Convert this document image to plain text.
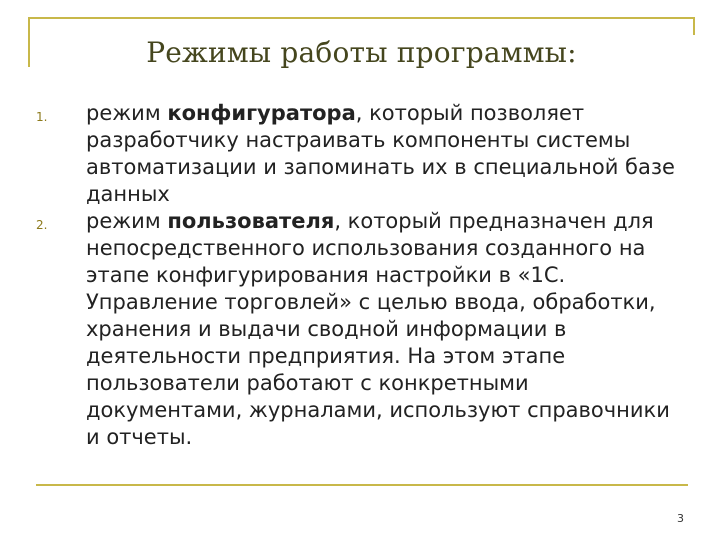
Режимы работы программы:
1.	режим конфигуратора, который позволяет разработчику настраивать компоненты системы автоматизации и запоминать их в специальной базе данных
2.	режим пользователя, который предназначен для непосредственного использования созданного на этапе конфигурирования настройки в «1С. Управление торговлей» с целью ввода, обработки, хранения и выдачи сводной информации в деятельности предприятия. На этом этапе пользователи работают с конкретными документами, журналами, используют справочники и отчеты.
3
